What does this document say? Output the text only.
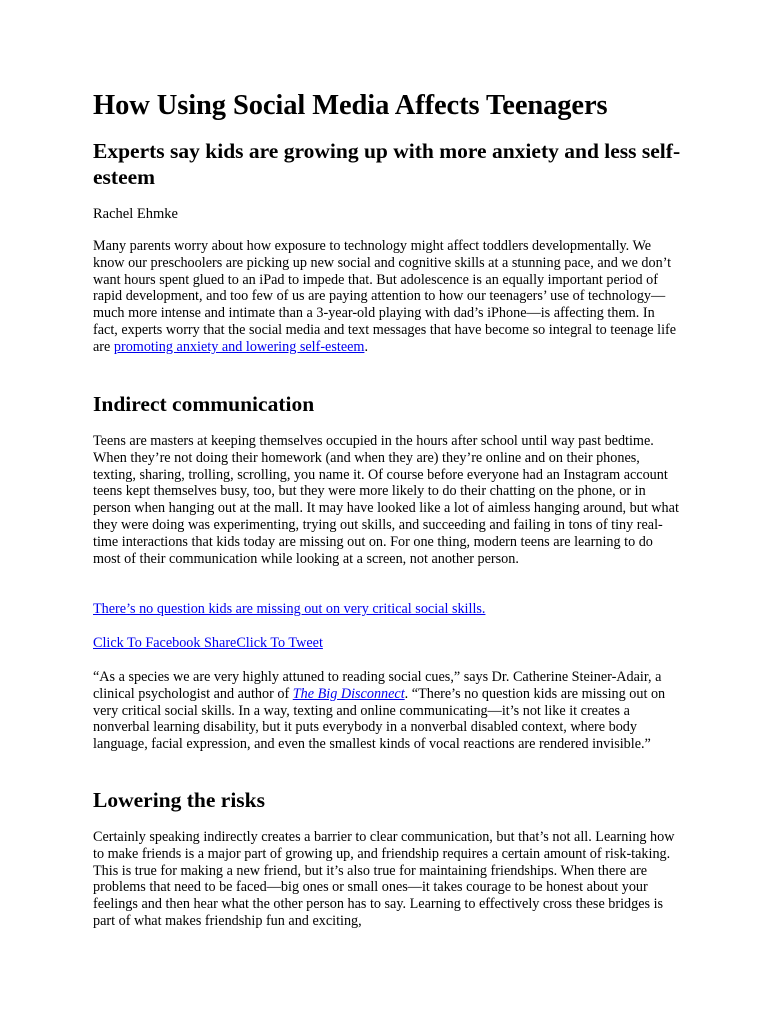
How Using Social Media Affects Teenagers
Experts say kids are growing up with more anxiety and less self-esteem
Rachel Ehmke

Many parents worry about how exposure to technology might affect toddlers developmentally. We know our preschoolers are picking up new social and cognitive skills at a stunning pace, and we don’t want hours spent glued to an iPad to impede that. But adolescence is an equally important period of rapid development, and too few of us are paying attention to how our teenagers’ use of technology—much more intense and intimate than a 3-year-old playing with dad’s iPhone—is affecting them. In fact, experts worry that the social media and text messages that have become so integral to teenage life are promoting anxiety and lowering self-esteem.

Indirect communication

Teens are masters at keeping themselves occupied in the hours after school until way past bedtime. When they’re not doing their homework (and when they are) they’re online and on their phones, texting, sharing, trolling, scrolling, you name it. Of course before everyone had an Instagram account teens kept themselves busy, too, but they were more likely to do their chatting on the phone, or in person when hanging out at the mall. It may have looked like a lot of aimless hanging around, but what they were doing was experimenting, trying out skills, and succeeding and failing in tons of tiny real-time interactions that kids today are missing out on. For one thing, modern teens are learning to do most of their communication while looking at a screen, not another person.

There’s no question kids are missing out on very critical social skills.
Click To Facebook ShareClick To Tweet

“As a species we are very highly attuned to reading social cues,” says Dr. Catherine Steiner-Adair, a clinical psychologist and author of The Big Disconnect. “There’s no question kids are missing out on very critical social skills. In a way, texting and online communicating—it’s not like it creates a nonverbal learning disability, but it puts everybody in a nonverbal disabled context, where body language, facial expression, and even the smallest kinds of vocal reactions are rendered invisible.”

Lowering the risks

Certainly speaking indirectly creates a barrier to clear communication, but that’s not all. Learning how to make friends is a major part of growing up, and friendship requires a certain amount of risk-taking. This is true for making a new friend, but it’s also true for maintaining friendships. When there are problems that need to be faced—big ones or small ones—it takes courage to be honest about your feelings and then hear what the other person has to say. Learning to effectively cross these bridges is part of what makes friendship fun and exciting,
